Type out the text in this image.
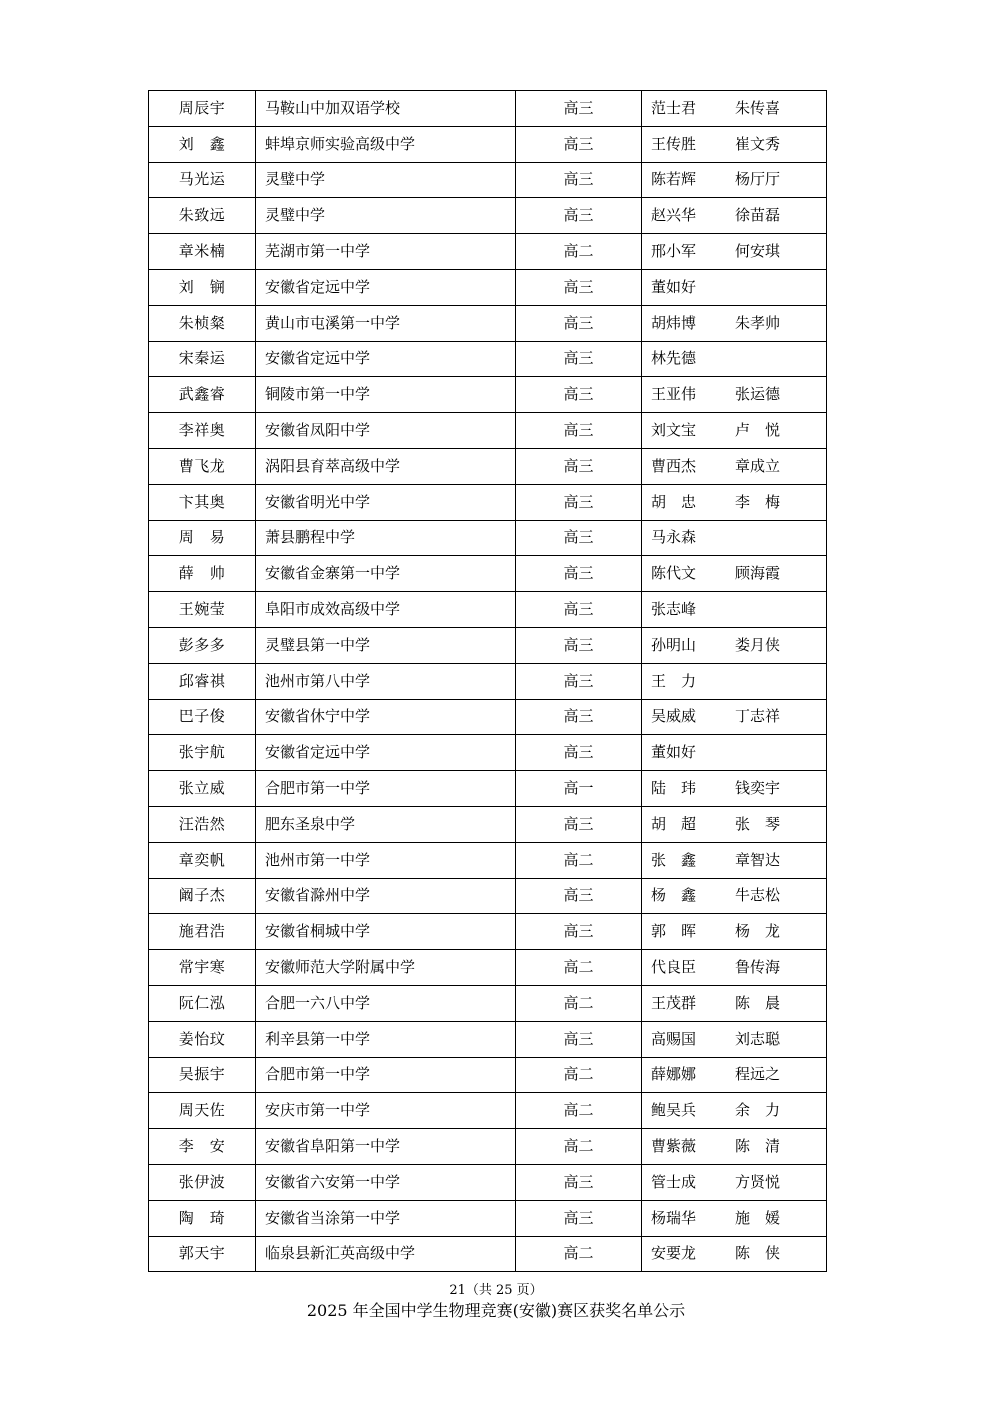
周辰宇	马鞍山中加双语学校	高三	范士君 朱传喜
刘　鑫	蚌埠京师实验高级中学	高三	王传胜 崔文秀
马光运	灵璧中学	高三	陈若辉 杨厅厅
朱致远	灵璧中学	高三	赵兴华 徐苗磊
章米楠	芜湖市第一中学	高二	邢小军 何安琪
刘　锎	安徽省定远中学	高三	董如好
朱桢粲	黄山市屯溪第一中学	高三	胡炜博 朱孝帅
宋秦运	安徽省定远中学	高三	林先德
武鑫睿	铜陵市第一中学	高三	王亚伟 张运德
李祥奥	安徽省凤阳中学	高三	刘文宝 卢　悦
曹飞龙	涡阳县育萃高级中学	高三	曹西杰 章成立
卞其奥	安徽省明光中学	高三	胡　忠 李　梅
周　易	萧县鹏程中学	高三	马永森
薛　帅	安徽省金寨第一中学	高三	陈代文 顾海霞
王婉莹	阜阳市成效高级中学	高三	张志峰
彭多多	灵璧县第一中学	高三	孙明山 娄月侠
邱睿祺	池州市第八中学	高三	王　力
巴子俊	安徽省休宁中学	高三	吴威威 丁志祥
张宇航	安徽省定远中学	高三	董如好
张立威	合肥市第一中学	高一	陆　玮 钱奕宇
汪浩然	肥东圣泉中学	高三	胡　超 张　琴
章奕帆	池州市第一中学	高二	张　鑫 章智达
阚子杰	安徽省滁州中学	高三	杨　鑫 牛志松
施君浩	安徽省桐城中学	高三	郭　晖 杨　龙
常宇寒	安徽师范大学附属中学	高二	代良臣 鲁传海
阮仁泓	合肥一六八中学	高二	王茂群 陈　晨
姜怡玟	利辛县第一中学	高三	高赐国 刘志聪
吴振宇	合肥市第一中学	高二	薛娜娜 程远之
周天佐	安庆市第一中学	高二	鲍吴兵 余　力
李　安	安徽省阜阳第一中学	高二	曹紫薇 陈　清
张伊波	安徽省六安第一中学	高三	管士成 方贤悦
陶　琦	安徽省当涂第一中学	高三	杨瑞华 施　媛
郭天宇	临泉县新汇英高级中学	高二	安要龙 陈　侠
21（共 25 页）
2025 年全国中学生物理竞赛(安徽)赛区获奖名单公示
